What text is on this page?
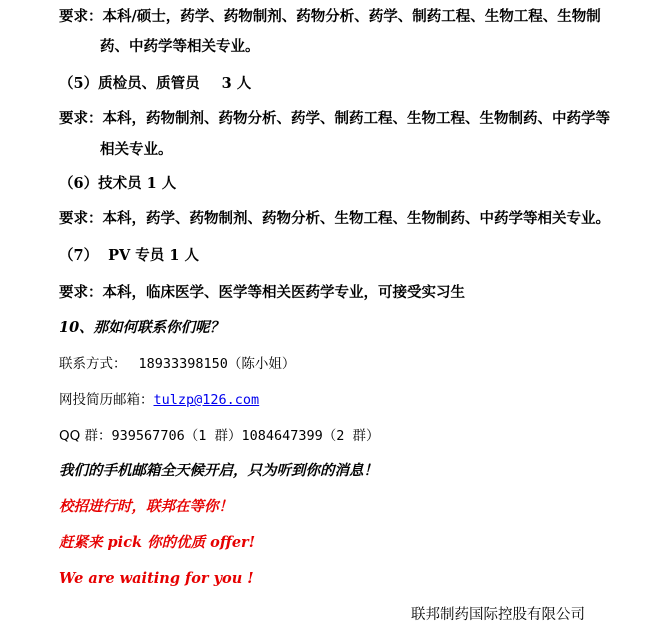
要求：本科/硕士，药学、药物制剂、药物分析、药学、制药工程、生物工程、生物制
药、中药学等相关专业。
（5）质检员、质管员 3 人
要求：本科，药物制剂、药物分析、药学、制药工程、生物工程、生物制药、中药学等
相关专业。
（6）技术员 1 人
要求：本科，药学、药物制剂、药物分析、生物工程、生物制药、中药学等相关专业。
（7） PV 专员 1 人
要求：本科，临床医学、医学等相关医药学专业，可接受实习生
10、那如何联系你们呢？
联系方式： 18933398150（陈小姐）
网投简历邮箱：tulzp@126.com
QQ 群：939567706（1 群）1084647399（2 群）
我们的手机邮箱全天候开启，只为听到你的消息！
校招进行时，联邦在等你！
赶紧来 pick 你的优质 offer!
We are waiting for you !
联邦制药国际控股有限公司
